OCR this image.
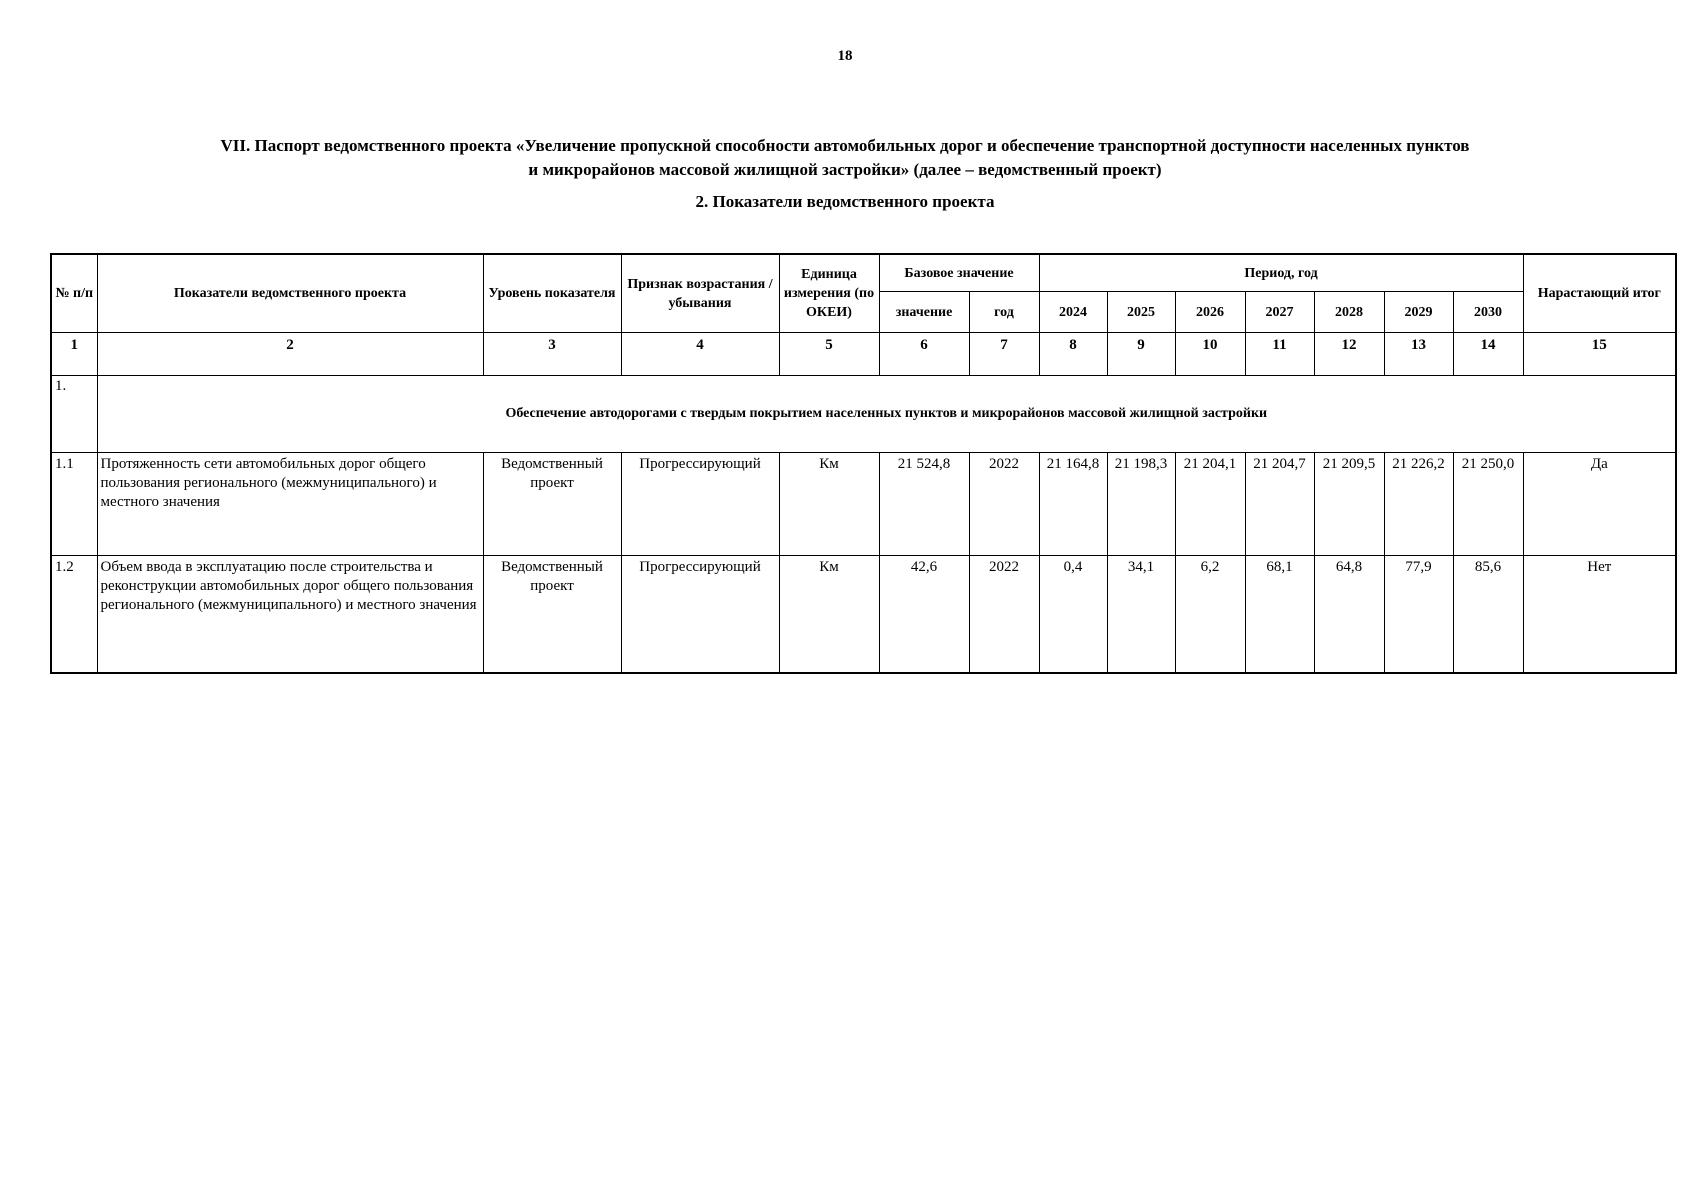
18
VII. Паспорт ведомственного проекта «Увеличение пропускной способности автомобильных дорог и обеспечение транспортной доступности населенных пунктов
и микрорайонов массовой жилищной застройки» (далее – ведомственный проект)
2. Показатели ведомственного проекта
№ п/п	Показатели ведомственного проекта	Уровень показателя	Признак возрастания / убывания	Единица измерения (по ОКЕИ)	Базовое значение		Период, год							Нарастающий итог
					значение	год	2024	2025	2026	2027	2028	2029	2030	
1	2	3	4	5	6	7	8	9	10	11	12	13	14	15
1.	Обеспечение автодорогами с твердым покрытием населенных пунктов и микрорайонов массовой жилищной застройки													
1.1	Протяженность сети автомобильных дорог общего пользования регионального (межмуниципального) и местного значения	Ведомственный проект	Прогрессирующий	Км	21 524,8	2022	21 164,8	21 198,3	21 204,1	21 204,7	21 209,5	21 226,2	21 250,0	Да
1.2	Объем ввода в эксплуатацию после строительства и реконструкции автомобильных дорог общего пользования регионального (межмуниципального) и местного значения	Ведомственный проект	Прогрессирующий	Км	42,6	2022	0,4	34,1	6,2	68,1	64,8	77,9	85,6	Нет
